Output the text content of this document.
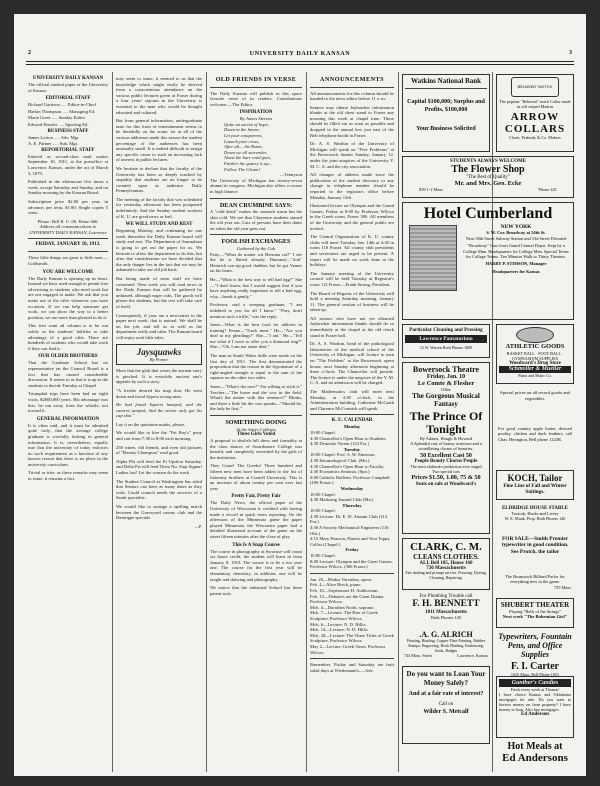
2	UNIVERSITY DAILY KANSAN	3
UNIVERSITY DAILY KANSAN

The official student paper of the University of Kansas.

EDITORIAL STAFF
Richard Garrison ..... Editor-in-Chief
Harlan Thompson ..... Managing Ed.
Marie Greer ..... Sunday Editor
Edward Hassler ..... Sporting Ed.
BUSINESS STAFF
James Lorton ..... Adv. Mgr.
A. E. Palmer ..... Sub. Mgr.
REPORTORIAL STAFF

Entered as second-class mail matter September 10, 1911, at the postoffice at Lawrence, Kansas, under the act of March 3, 1879.

Published in the afternoons five times a week, except Saturday and Sunday, and on Sunday morning by the Kansan Board.

Subscription price $2.00 per year, in advance; per term, $1.00; Single copies 5 cents.

Phone: Bell K. U. 66. Home 666.
Address all communications to UNIVERSITY DAILY KANSAN, Lawrence
FRIDAY, JANUARY 10, 1913.

These little things are great to little men.—Goldsmith.

YOU ARE WELCOME

The Daily Kansan is opening up its heart. Instead we have used enough to permit free advertising to students who need work but are not engaged to make. We ask that you make use of the offer whenever you have occasion. If we can help someone get work, we can show the way to a better position, we are more than pleased to do it.

This free want ad column is to be run solely as the students' bulletin to take advantage of a good offer. There are hundreds of students who would take work if they can find it.

OUR OLDER BROTHERS

That the Graduate School has no representative on the Council Board is a fact that has caused considerable discussion. It seems to us that it is up to the students to decide Tuesday at Chapel.

Triumphal trips have been had on eight visits, $2000,000 years. His advantage was this: he ran away from the whistle, not toward it.

GENERAL INFORMATION

It is often said, and it must be admitted quite truly, that the average college graduate is woefully lacking in general information. It is, nevertheless, equally true that the university of today enforces no such requirement as a function of any known reason that there is no place in the university curriculum.

Trivial or trite, as these remarks may seem to some, it remains a fact.

may seem to some, it seemed to us that the knowledge which might easily be derived from a conscientious attendance on the various public lectures given at Fraser during a four years' sojourn in the University is essential to the man who would be thought educated and cultured.

But from general information, undergraduate taste for this form of entertainment seems to be decidedly on the wane, for at all of the various addresses made this season the student percentage of the audiences has been unusually small. It is indeed difficult to assign any specific cause to such an increasing lack of interest in public lectures.

We hesitate to declare that the faculty of the University has been so deeply touched by stupidity that students are no longer to be counted upon as audience. Daily Pennsylvanian.

The meeting of the faculty that was scheduled for yesterday afternoon has been postponed indefinitely. And the Sunday student workers of K. U. are good news or bad.

WE WILL STUDY AND REST

Beginning Monday, and continuing for one week thereafter the Daily Kansan board will study and rest. The Department of Journalism is going to get out the paper for us. We hesitate to allow the department to do this, but after due consideration we have decided that the only danger lies in the fact that we may be ashamed to take our old job back.

But being made of stern stuff we have consented. Next week you will read news in the Daily Kansan that will be gathered by unbiased, although eager cubs. The goods will please the students, but the rest will take care of itself.

Consequently, if your are a newcomer to the paper next week, that is natural. We shall be on the job, and tell us as well as the department really and calm. The Kansan board will enjoy such little tales.

Jaysquawks
By Pomee

More that the glob that wears the ancient story is pinched. It is erstwhile ancient one's appetite by such a story.

"A freshie desired his map shot, He went down and faced Sypeta wrong man.

He had found Squiers humped, and the camera jumped, And the senior only got his cap shot."

Lay it on the quotation marks, please.

We would like to hire the "Fat Boy's" pony and cart from 7:30 to 8:00 each morning.

250 wines, old friends, and even old pictures of "Bounty Chompsea" read good.

Alpha Phi will feed the Pi Upsilon Saturday, and Delta Psi will feed Theta Nu. Stop Sigma! Ladies last! Let the women do the work.

The Student Council at Washington has ruled that Seniors can have as many dates as they wish. Could council needs the services of a Sarah specialist.

We would like to arrange a spelling match between the Graveyard county club and the Dentrippe specials.

—P.
OLD FRIENDS IN VERSE

The Daily Kansan will publish in this space favorite verse of its readers. Contributions welcome.—The Editor.

INSPIRATION
By James Stevens
Quite an ascent of hope,
Dawn in the haven,
Let your conquerors,
Launch your cross,
After all— the Rome,
Down we all surrender,
Alone the bare road goes,
Farther the quarry is up—
Follow The Gleam!
—Tennyson

The University of Michigan has twenty-seven alumni in congress. Michigan also offers a course in high finance.

DEAN CRUMBINE SAYS:

A "cold drink" makes the stomach warm but the skin cold. We see that Cheyenne students sinned the old year out. Cats of persons have their dates on when the old year goes out.

FOOLISH EXCHANGES
Gathered by the Cub

Patty—"What do matter wit Herman cat?" I see the lie is flatted already. Dunrand—"Aok" Heinrich can sip good chabbet, but he got Varner on his brain.

He—"What is the best way to tell bad egg?" She—"I don't know, but I would suggest that if you have anything really important to tell a bad egg, why—break it gently."

Professor, said a weeping graduate, "I am indebted to you for all I know." "Pray, don't mention such a trifle," was the reply.

Jones—What is the best food for athletes in training? Fenno—"Track meat." He—"Are you deaf to my pleadings?" She—"I am." He—"Tell me what if I were to offer you a diamond ring?" She—"Oh, I am not stone deaf."

The man in South Wales drills were made on the first day of 1911. The first demonstrated the proposition that the reason in the hypotenuse of a right-angled triangle is equal to the sum of the squares on the other two sides.

Jones—"What's the new?" I'm willing to stick it." Teacher—"The horse and the cow in the field. What's the matter with this sentence?" Blinks, and there a little bit the cow speaks—"Should be, the lady be first."

SOMETHING DOING
At the Sister Colleges
Three Girls Voted

A proposal to abolish full dress and formality at the class dances of Swarthmore College was heartily and completely overruled by the girls of the institution.

They Come! The Greeks! Three hundred and fifteen new men have been added to the list of fraternity brothers at Cornell University. This is an increase of about twenty per cent over last year.

Pretty Fair, Pretty Fair

The Daily News, the official paper of the University of Wisconsin is credited with having made a record in quick news reporting. On the afternoon of the Minnesota game the paper played Minnesota the Wisconsin paper had a detailed illustrated account of the game on the street fifteen minutes after the close of play.

This Is A Snap Course

The course in photography at Syracuse will count six hours credit, the student will learn in from January 8, 1913. The course is to be a two year one. The course for the first year will be elementary chemistry, in addition, one will be taught and drawing and photography.

We notice that the industrial School has three patent suits.

ANNOUNCEMENTS

All announcements for this column should be handed to the news editor before 11 a. m.

Seniors may obtain Jayhawker information blanks at the old chest stand to Fraser any morning this week at chapel time. These should be filled out as soon as possible and dropped in the annual box just east of the Bell telephone booth in Fraser.

Dr. A. S. Warthin of the University of Michigan will speak on "Five Problems" at the Bowersock theater Sunday, January 12, under the joint auspices of the University Y. M. C. A. and the city association.

All changes of address made since the publication of the student directory or any change in telephone number should be reported to the registrars office before Monday, January 13th.

Illustrated lecture on Olympia and the Grand Games, Friday at 8:00 by Professor Wilcox in the Greek room, Fraser 306. All members of the University and the general public are invited.

The Central Organization of K. U. county clubs will meet Tuesday, Jan. 14th at 4:30 in room 110 Fraser. All county club presidents and secretaries are urged to be present. A report will be made on work done at the holidays.

The January meeting of the University council will be held Tuesday at Registrar's room 112 Fraser.—Frank Strong, President.

The Board of Regents of the University will hold a meeting Saturday morning, January 11. The general session of business will be taken up.

All seniors who have not yet obtained Jayhawker information blanks should do so immediately at the chapel at the old check stand in Fraser hall.

Dr. A. S. Warthin, head of the pathological laboratories of the medical school of the University of Michigan, will lecture to men on "The Problem" at the Bowersock opera house, next Sunday afternoon beginning at three o'clock. The Chancellor will preside. The lecture is under the auspices of the Y. M. C. A. and no admission will be charged.

The Mathematics club will meet next Monday, at 4:30 o'clock, in the Administration building. Catherine McGrath and Clarence McCormick will speak.

K. U. CALENDAR
Monday
10:00 Chapel.
4:30 Chancellor's Open Hour to Students.
4:30 Deutsche Verein (123 Fra.)
Tuesday
10:00 Chapel. Prof. S. W. Emerson.
4:30 Entomological Club. (Mu.)
4:30 Chancellor's Open Hour to Faculty.
4:30 Economics Seminar. (Spo.)
6:00 Catholic Bulletin. Professor Campbell. (106 Fraser.)
Wednesday
10:00 Chapel.
4:30 Marksing Journal Club (Mu.)
Thursday
10:00 Chapel.
4:30 Lecture. Dr. E. W. Alumni Club (114 Fra.)
4:30 A Society Mechanical Engineers (116 Obs.)
4:15 Mary Pearson, Pianist and Vera Topps, Cellist (Chapel.)
Friday
10:00 Chapel.
8:00 Lecture: Olympia and the Great Games, Professor Wilcox. (306 Fraser.)
Jan. 20—Modus Varendus, opera.
Feb. 4—Alice Bieck, piano.
Feb. 10—Sophomore H. Auditorium.
Feb. 13—Debaters are the Great Drama. Professor Wilcox.
Mch. 4—Dorothea North, soprano.
Mch. 7—Lecture: The Rise of Greek Sculpture, Professor Wilcox.
Mch. 6—Lecture: N. D. Hillis.
Mch. 14—Lecture: N. D. Hillis.
Mch. 28—Lecture: The Three Titles of Greek Sculpture, Professor Wilcox.
May 2—Lecture: Greek Vases, Professor Wilcox.

Remember, Friday and Saturday are fruit salad days at Wiedemann's.—Adv.

Watkins National Bank
Capital $100,000; Surplus and Profits, $100,000
Your Business Solicited
BELMONT·NOTCH
The popular "Belmont" notch Collar made in self striped Madras
ARROW COLLARS
Cluett, Peabody & Co. Makers
STUDENTS ALWAYS WELCOME
The Flower Shop
"The Best of Quality"
Mr. and Mrs. Geo. Ecke
829 1-2 Mass	Phone 421
Hotel Cumberland
NEW YORK
S. W. Cor. Broadway at 54th St.
Near 50th Street Subway Station and 53d Street Elevated
"Broadway" Cars from Grand Central Depot. Kept by a College Man. Headquarters for College Men. Special Terms for College Teams. Ten Minutes Walk to Thirty Theatres.
HARRY P. STIMSON, Manager
Headquarters for Kansas
Particular Cleaning and Pressing
Lawrence Pantatorium
12 W. Warren Both Phones 1000	ATHLETIC GOODS
BASKET BALL · FOOT BALL · GYMNASIUM SUPPLIES
Woodward's Drug Store
Schmoller & Mueller
Piano and Music Co.
Bowersock Theatre
Friday, Jan. 10
Le Comte & Flesher
Offer
The Gorgeous Musical Fantasy
The Prince Of Tonight
By Adams, Hough & Howard
A Splendid cast of brainy actresses and a scintillating chorus of beauties.
50 Excellent Cast 50
People Beauty Chorus People
The most elaborate production ever staged
Two special cars
Prices $1.50, 1.00, 75 & 50
Seats on sale at Woodward's
Special prices on all record goods and vegetables.
CLARK, C. M.
CLEANS CLOTHES.
ALL Bell 185, House 160
730 Massachusetts
Fair dealing and prompt service. Pressing, Dyeing, Cleaning, Repairing.
For Plumbing Trouble call
F. H. BENNETT
1011 Massachusetts
Both Phones 120
.A. G. ALRICH
Printing, Binding, Copper Plate Printing, Rubber Stamps, Engraving, Book Binding, Embossing, Seals, Badges
744 Mass. Street	Lawrence, Kansas
Do you want to Loan Your Money Safely?
And at a fair rate of interest?
Call on
Wilder S. Metcalf
For good country apple butter, dressed poultry, chicken and duck feathers, call Chas. Herington, Bell phone 1223R.
KOCH, Tailor
Fine Line of Fall and Winter Suitings.
ELDRIDGE HOUSE STABLE
Taxicab, Hacks and Livery
W. E. Muak, Prop. Both Phones 140
FOR SALE—Smith Premier typewriter in good condition.
See Protch, the tailor
The Brunswick Billiard Parlor for everything new in the game.
735 Mass.
SHUBERT THEATER
Playing "Bells of the Strings"
Next week "The Bohemian Girl"
Typewriters, Fountain Pens, and Office Supplies
F. I. Carter
1025 Mass. Bell Phone 1051
Gunther's Candies
Fresh every week at Thomas'
I have choice Kansas and Oklahoma mortgages for sale. Do you want to borrow money on farm property? I have money to loan. Also buy mortgages.
Ed Anderson
Hot Meals at
Ed Andersons
